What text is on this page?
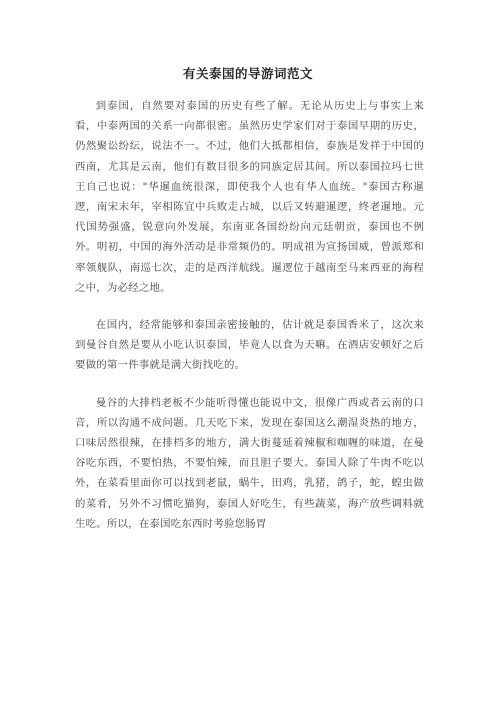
有关泰国的导游词范文

到泰国，自然要对泰国的历史有些了解。无论从历史上与事实上来看，中泰两国的关系一向都很密。虽然历史学家们对于泰国早期的历史，仍然聚讼纷纭，说法不一。不过，他们大抵都相信，泰族是发祥于中国的西南，尤其是云南，他们有数目很多的同族定居其间。所以泰国拉玛七世王自己也说："华暹血统很深，即使我个人也有华人血统。"泰国古称暹逻，南宋末年，宰相陈宜中兵败走占城，以后又转避暹逻，终老暹地。元代国势强盛，锐意向外发展，东南亚各国纷纷向元廷朝贡，泰国也不例外。明初，中国的海外活动是非常频仍的。明成祖为宣扬国威，曾派郑和率领舰队，南巡七次，走的是西洋航线。暹逻位于越南至马来西亚的海程之中，为必经之地。

在国内，经常能够和泰国亲密接触的，估计就是泰国香米了，这次来到曼谷自然是要从小吃认识泰国，毕竟人以食为天嘛。在酒店安顿好之后要做的第一件事就是满大街找吃的。

曼谷的大排档老板不少能听得懂也能说中文，很像广西或者云南的口音，所以沟通不成问题。几天吃下来，发现在泰国这么潮湿炎热的地方，口味居然很辣，在排档多的地方，满大街蔓延着辣椒和咖喱的味道，在曼谷吃东西，不要怕热，不要怕辣，而且胆子要大。泰国人除了牛肉不吃以外，在菜看里面你可以找到老鼠，蜗牛，田鸡，乳猪，鸽子，蛇，蝗虫做的菜肴，另外不习惯吃猫狗，泰国人好吃生，有些蔬菜，海产放些调料就生吃。所以，在泰国吃东西时考验您肠胃
